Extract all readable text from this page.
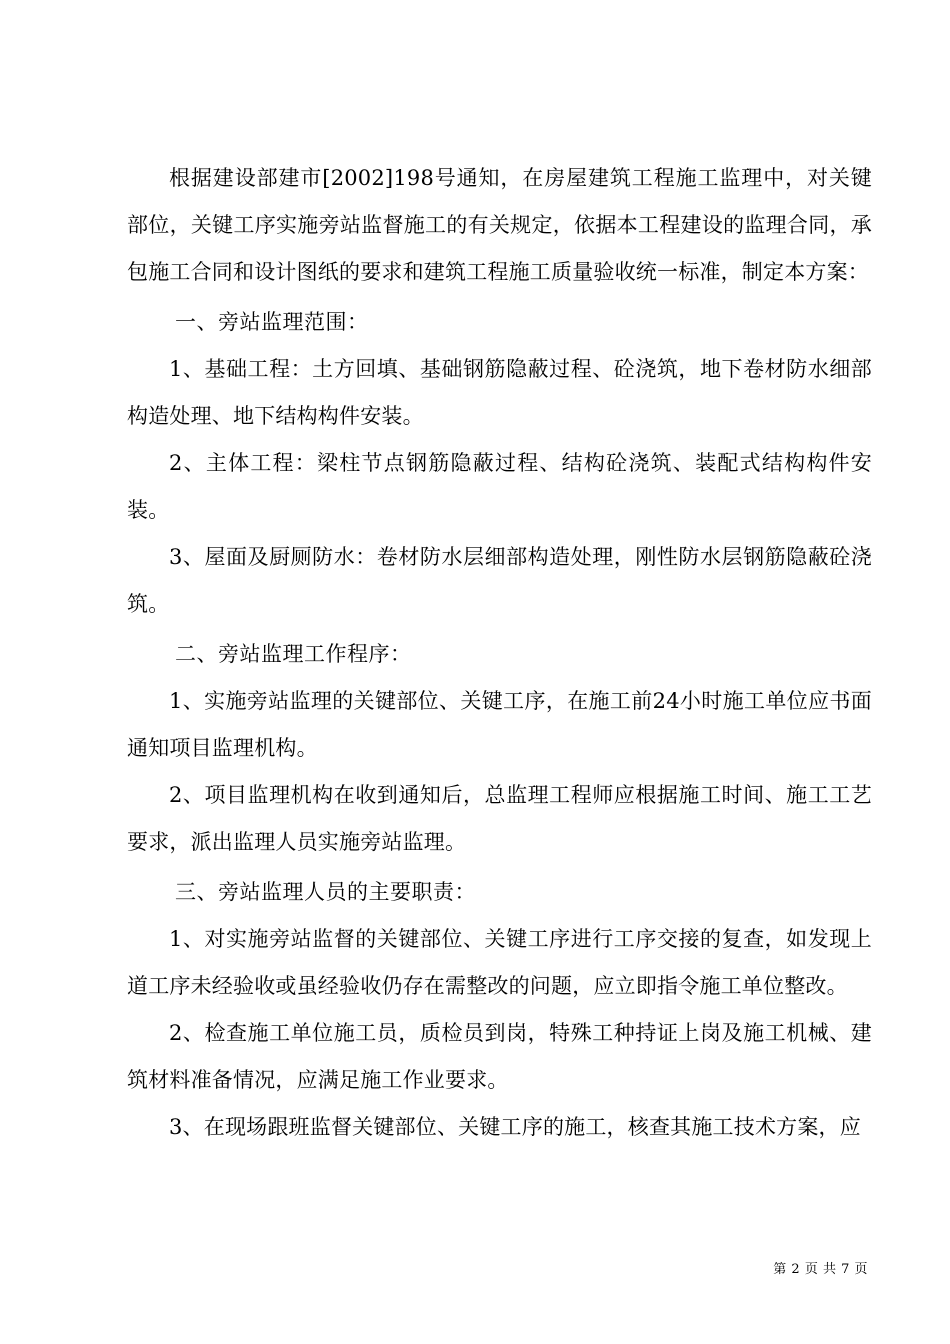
根据建设部建市[2002]198号通知，在房屋建筑工程施工监理中，对关键部位，关键工序实施旁站监督施工的有关规定，依据本工程建设的监理合同，承包施工合同和设计图纸的要求和建筑工程施工质量验收统一标准，制定本方案：

一、旁站监理范围：

1、基础工程：土方回填、基础钢筋隐蔽过程、砼浇筑，地下卷材防水细部构造处理、地下结构构件安装。

2、主体工程：梁柱节点钢筋隐蔽过程、结构砼浇筑、装配式结构构件安装。

3、屋面及厨厕防水：卷材防水层细部构造处理，刚性防水层钢筋隐蔽砼浇筑。

二、旁站监理工作程序：

1、实施旁站监理的关键部位、关键工序，在施工前24小时施工单位应书面通知项目监理机构。

2、项目监理机构在收到通知后，总监理工程师应根据施工时间、施工工艺要求，派出监理人员实施旁站监理。

三、旁站监理人员的主要职责：

1、对实施旁站监督的关键部位、关键工序进行工序交接的复查，如发现上道工序未经验收或虽经验收仍存在需整改的问题，应立即指令施工单位整改。

2、检查施工单位施工员，质检员到岗，特殊工种持证上岗及施工机械、建筑材料准备情况，应满足施工作业要求。

3、在现场跟班监督关键部位、关键工序的施工，核查其施工技术方案，应

第 2 页 共 7 页
